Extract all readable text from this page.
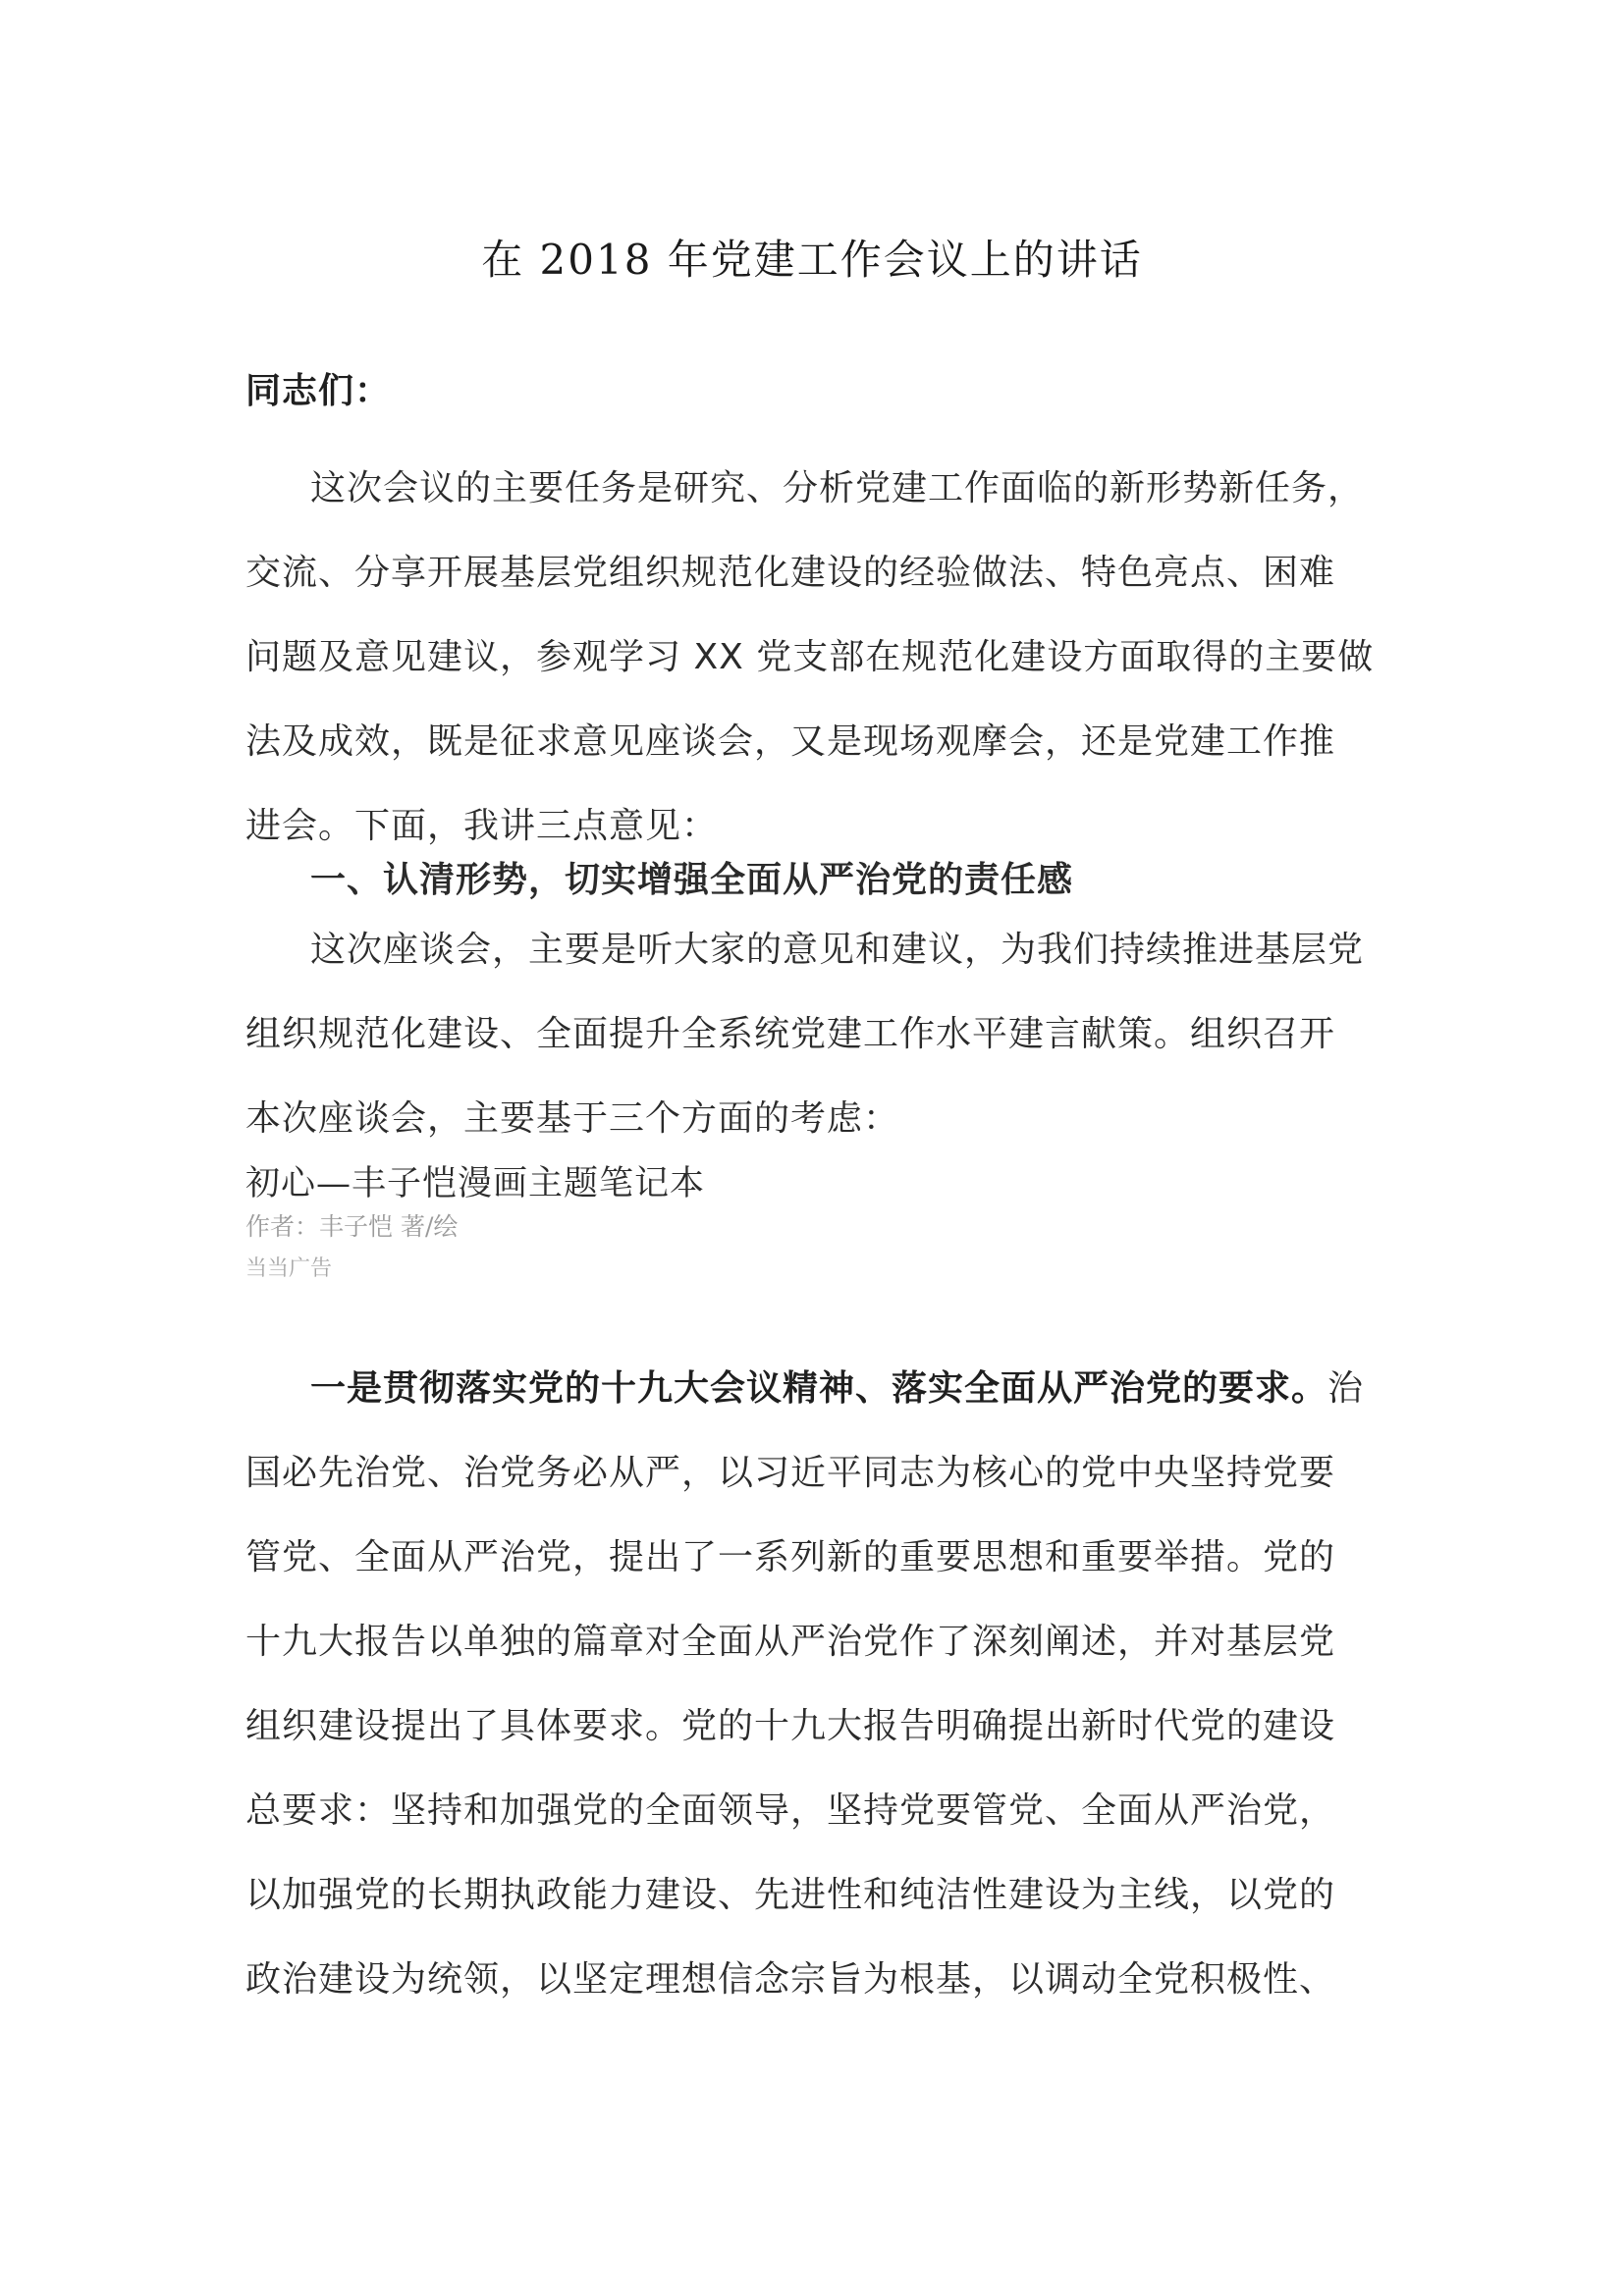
在 2018 年党建工作会议上的讲话
同志们：
这次会议的主要任务是研究、分析党建工作面临的新形势新任务，
交流、分享开展基层党组织规范化建设的经验做法、特色亮点、困难
问题及意见建议，参观学习 XX 党支部在规范化建设方面取得的主要做
法及成效，既是征求意见座谈会，又是现场观摩会，还是党建工作推
进会。下面，我讲三点意见：
一、认清形势，切实增强全面从严治党的责任感
这次座谈会，主要是听大家的意见和建议，为我们持续推进基层党
组织规范化建设、全面提升全系统党建工作水平建言献策。组织召开
本次座谈会，主要基于三个方面的考虑：
初心—丰子恺漫画主题笔记本
作者：丰子恺 著/绘
当当广告
一是贯彻落实党的十九大会议精神、落实全面从严治党的要求。治
国必先治党、治党务必从严，以习近平同志为核心的党中央坚持党要
管党、全面从严治党，提出了一系列新的重要思想和重要举措。党的
十九大报告以单独的篇章对全面从严治党作了深刻阐述，并对基层党
组织建设提出了具体要求。党的十九大报告明确提出新时代党的建设
总要求：坚持和加强党的全面领导，坚持党要管党、全面从严治党，
以加强党的长期执政能力建设、先进性和纯洁性建设为主线，以党的
政治建设为统领，以坚定理想信念宗旨为根基，以调动全党积极性、
